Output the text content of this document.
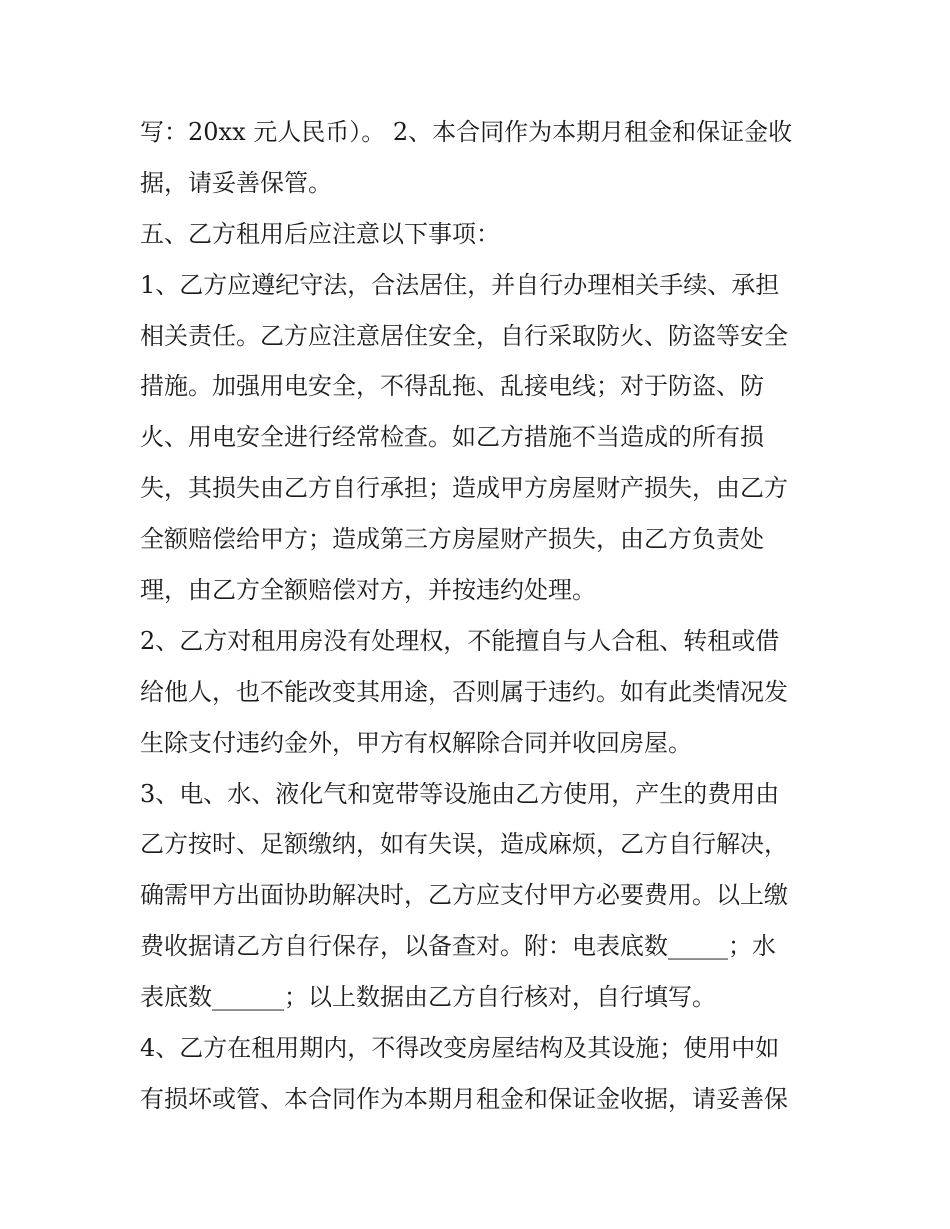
写：20xx 元人民币）。 2、本合同作为本期月租金和保证金收
据，请妥善保管。
五、乙方租用后应注意以下事项：
1、乙方应遵纪守法，合法居住，并自行办理相关手续、承担
相关责任。乙方应注意居住安全，自行采取防火、防盗等安全
措施。加强用电安全，不得乱拖、乱接电线；对于防盗、防
火、用电安全进行经常检查。如乙方措施不当造成的所有损
失，其损失由乙方自行承担；造成甲方房屋财产损失，由乙方
全额赔偿给甲方；造成第三方房屋财产损失，由乙方负责处
理，由乙方全额赔偿对方，并按违约处理。
2、乙方对租用房没有处理权，不能擅自与人合租、转租或借
给他人，也不能改变其用途，否则属于违约。如有此类情况发
生除支付违约金外，甲方有权解除合同并收回房屋。
3、电、水、液化气和宽带等设施由乙方使用，产生的费用由
乙方按时、足额缴纳，如有失误，造成麻烦，乙方自行解决，
确需甲方出面协助解决时，乙方应支付甲方必要费用。以上缴
费收据请乙方自行保存，以备查对。附：电表底数_____；水
表底数______；以上数据由乙方自行核对，自行填写。
4、乙方在租用期内，不得改变房屋结构及其设施；使用中如
有损坏或管、本合同作为本期月租金和保证金收据，请妥善保
